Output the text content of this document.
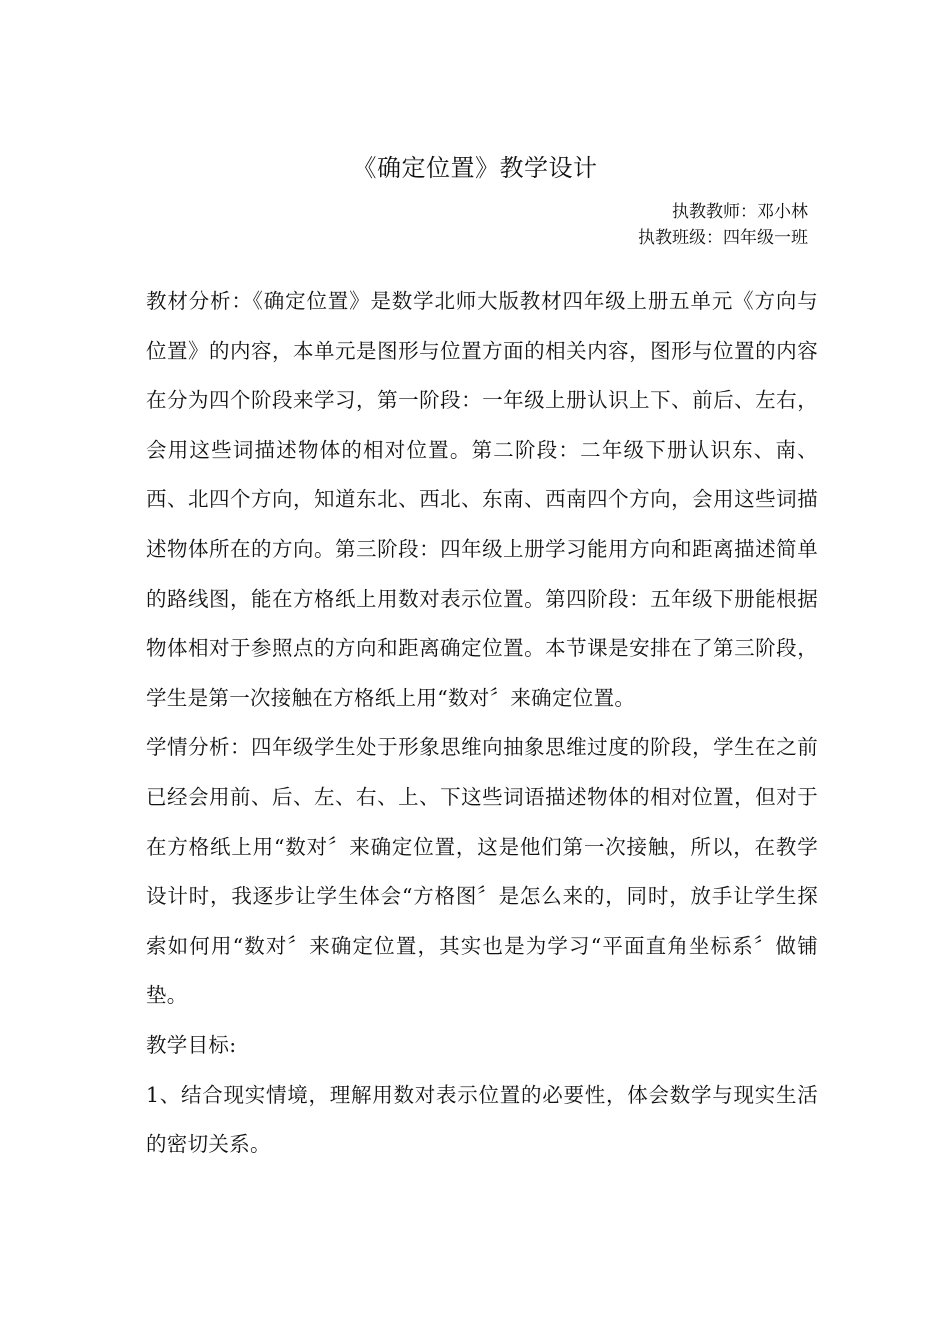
《确定位置》教学设计
执教教师：邓小林
执教班级：四年级一班

教材分析：《确定位置》是数学北师大版教材四年级上册五单元《方向与位置》的内容，本单元是图形与位置方面的相关内容，图形与位置的内容在分为四个阶段来学习，第一阶段：一年级上册认识上下、前后、左右，会用这些词描述物体的相对位置。第二阶段：二年级下册认识东、南、西、北四个方向，知道东北、西北、东南、西南四个方向，会用这些词描述物体所在的方向。第三阶段：四年级上册学习能用方向和距离描述简单的路线图，能在方格纸上用数对表示位置。第四阶段：五年级下册能根据物体相对于参照点的方向和距离确定位置。本节课是安排在了第三阶段，学生是第一次接触在方格纸上用“数对〞来确定位置。

学情分析：四年级学生处于形象思维向抽象思维过度的阶段，学生在之前已经会用前、后、左、右、上、下这些词语描述物体的相对位置，但对于在方格纸上用“数对〞来确定位置，这是他们第一次接触，所以，在教学设计时，我逐步让学生体会“方格图〞是怎么来的，同时，放手让学生探索如何用“数对〞来确定位置，其实也是为学习“平面直角坐标系〞做铺垫。

教学目标:

1、结合现实情境，理解用数对表示位置的必要性，体会数学与现实生活的密切关系。
